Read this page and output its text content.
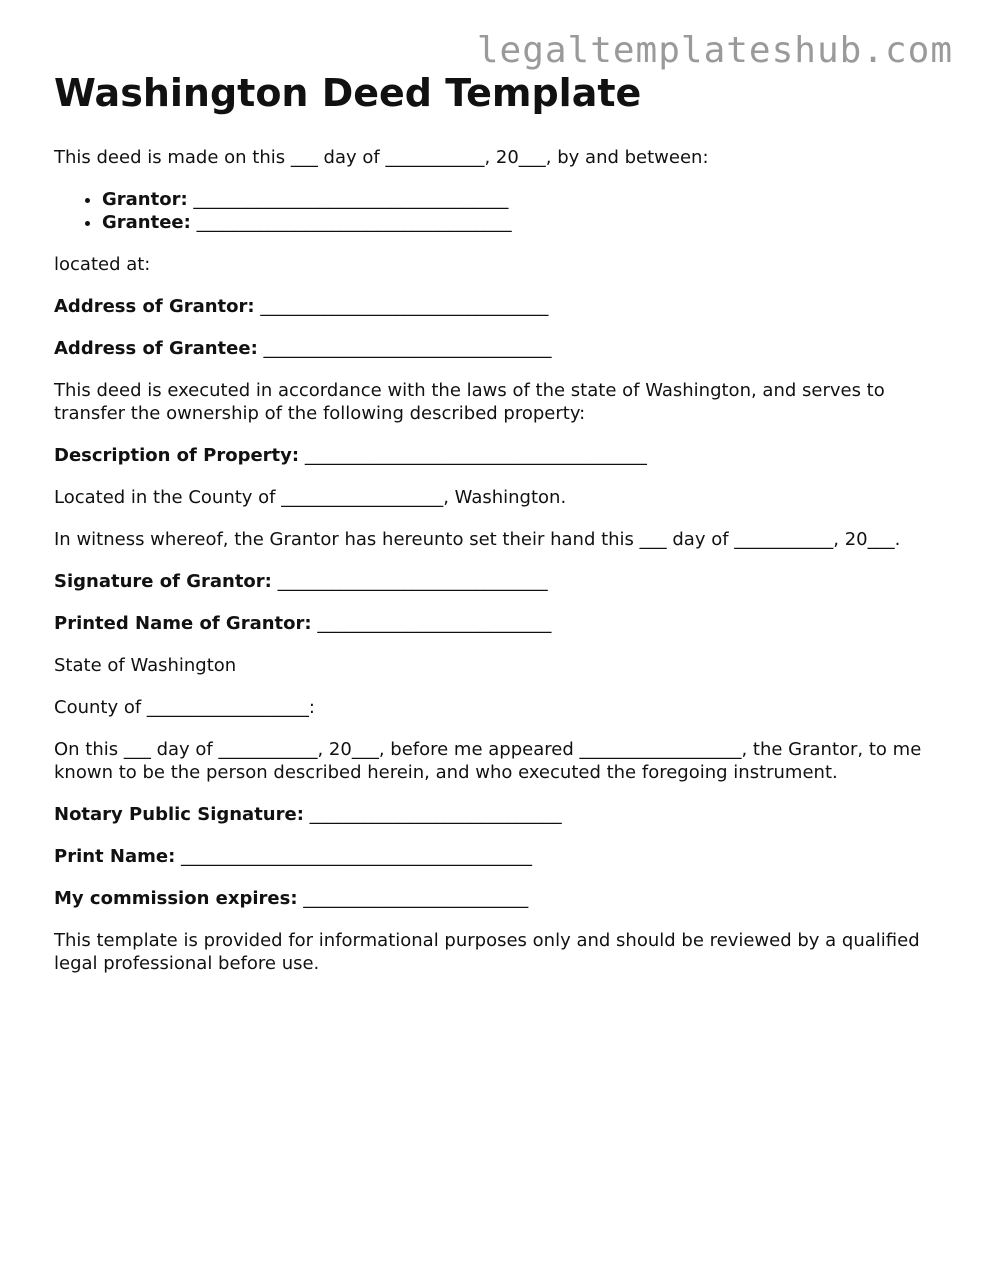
legaltemplateshub.com
Washington Deed Template

This deed is made on this ___ day of ___________, 20___, by and between:

• Grantor: ___________________________________
• Grantee: ___________________________________

located at:

Address of Grantor: ________________________________

Address of Grantee: ________________________________

This deed is executed in accordance with the laws of the state of Washington, and serves to transfer the ownership of the following described property:

Description of Property: ______________________________________

Located in the County of __________________, Washington.

In witness whereof, the Grantor has hereunto set their hand this ___ day of ___________, 20___.

Signature of Grantor: ______________________________

Printed Name of Grantor: __________________________

State of Washington

County of __________________:

On this ___ day of ___________, 20___, before me appeared __________________, the Grantor, to me known to be the person described herein, and who executed the foregoing instrument.

Notary Public Signature: ____________________________

Print Name: _______________________________________

My commission expires: _________________________

This template is provided for informational purposes only and should be reviewed by a qualified legal professional before use.
